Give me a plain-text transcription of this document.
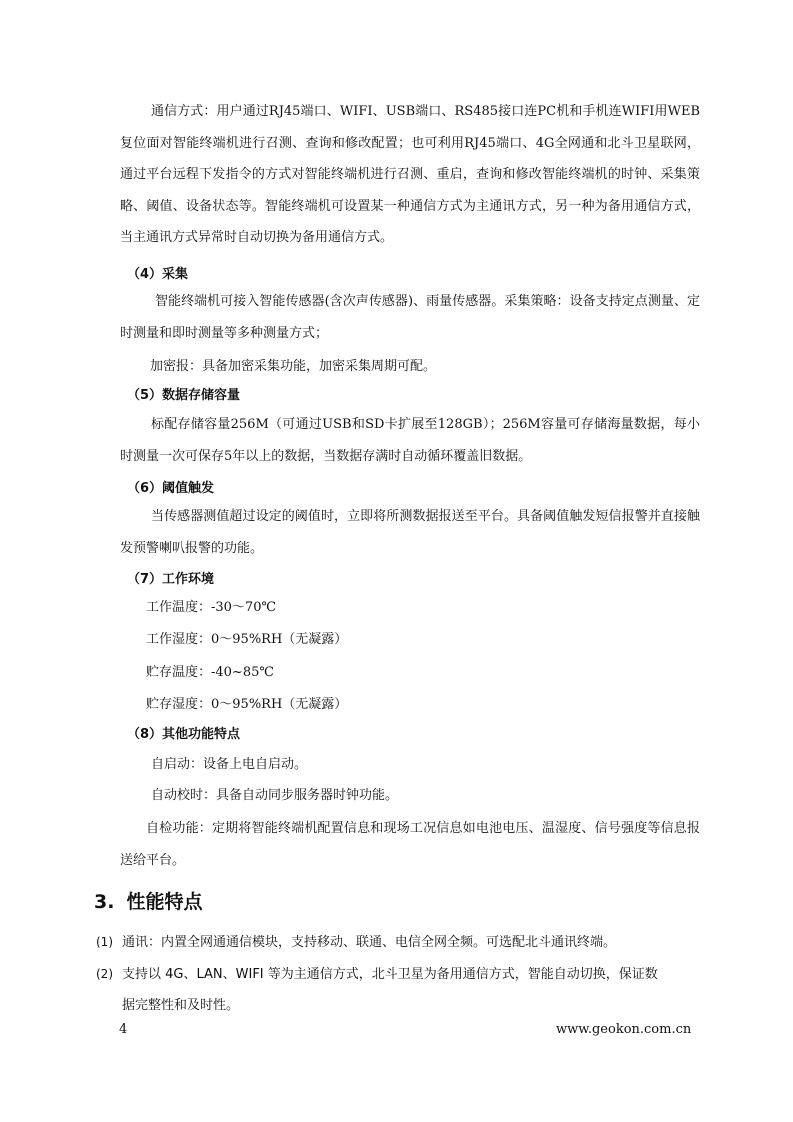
通信方式：用户通过RJ45端口、WIFI、USB端口、RS485接口连PC机和手机连WIFI用WEB复位面对智能终端机进行召测、查询和修改配置；也可利用RJ45端口、4G全网通和北斗卫星联网，通过平台远程下发指令的方式对智能终端机进行召测、重启，查询和修改智能终端机的时钟、采集策略、阈值、设备状态等。智能终端机可设置某一种通信方式为主通讯方式，另一种为备用通信方式，当主通讯方式异常时自动切换为备用通信方式。

（4）采集

智能终端机可接入智能传感器(含次声传感器)、雨量传感器。采集策略：设备支持定点测量、定时测量和即时测量等多种测量方式；

加密报：具备加密采集功能，加密采集周期可配。

（5）数据存储容量

标配存储容量256M（可通过USB和SD卡扩展至128GB）；256M容量可存储海量数据，每小时测量一次可保存5年以上的数据，当数据存满时自动循环覆盖旧数据。

（6）阈值触发

当传感器测值超过设定的阈值时，立即将所测数据报送至平台。具备阈值触发短信报警并直接触发预警喇叭报警的功能。

（7）工作环境

工作温度：-30～70℃

工作湿度：0～95%RH（无凝露）

贮存温度：-40~85℃

贮存湿度：0～95%RH（无凝露）

（8）其他功能特点

自启动：设备上电自启动。

自动校时：具备自动同步服务器时钟功能。

自检功能：定期将智能终端机配置信息和现场工况信息如电池电压、温湿度、信号强度等信息报送给平台。

3. 性能特点
(1) 通讯：内置全网通通信模块，支持移动、联通、电信全网全频。可选配北斗通讯终端。
(2) 支持以 4G、LAN、WIFI 等为主通信方式，北斗卫星为备用通信方式，智能自动切换，保证数
据完整性和及时性。
4	www.geokon.com.cn
